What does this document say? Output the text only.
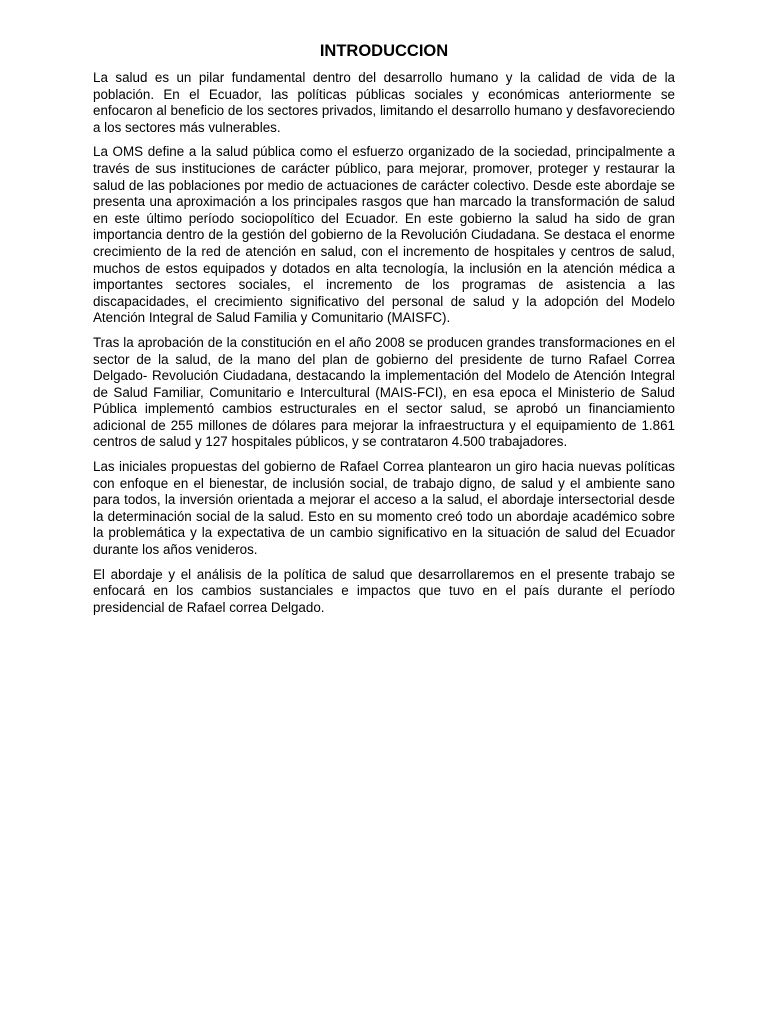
INTRODUCCION

La salud es un pilar fundamental dentro del desarrollo humano y la calidad de vida de la población. En el Ecuador, las políticas públicas sociales y económicas anteriormente se enfocaron al beneficio de los sectores privados, limitando el desarrollo humano y desfavoreciendo a los sectores más vulnerables.

La OMS define a la salud pública como el esfuerzo organizado de la sociedad, principalmente a través de sus instituciones de carácter público, para mejorar, promover, proteger y restaurar la salud de las poblaciones por medio de actuaciones de carácter colectivo. Desde este abordaje se presenta una aproximación a los principales rasgos que han marcado la transformación de salud en este último período sociopolítico del Ecuador. En este gobierno la salud ha sido de gran importancia dentro de la gestión del gobierno de la Revolución Ciudadana. Se destaca el enorme crecimiento de la red de atención en salud, con el incremento de hospitales y centros de salud, muchos de estos equipados y dotados en alta tecnología, la inclusión en la atención médica a importantes sectores sociales, el incremento de los programas de asistencia a las discapacidades, el crecimiento significativo del personal de salud y la adopción del Modelo Atención Integral de Salud Familia y Comunitario (MAISFC).

Tras la aprobación de la constitución en el año 2008 se producen grandes transformaciones en el sector de la salud, de la mano del plan de gobierno del presidente de turno Rafael Correa Delgado- Revolución Ciudadana, destacando la implementación del Modelo de Atención Integral de Salud Familiar, Comunitario e Intercultural (MAIS-FCI), en esa epoca el Ministerio de Salud Pública implementó cambios estructurales en el sector salud, se aprobó un financiamiento adicional de 255 millones de dólares para mejorar la infraestructura y el equipamiento de 1.861 centros de salud y 127 hospitales públicos, y se contrataron 4.500 trabajadores.

Las iniciales propuestas del gobierno de Rafael Correa plantearon un giro hacia nuevas políticas con enfoque en el bienestar, de inclusión social, de trabajo digno, de salud y el ambiente sano para todos, la inversión orientada a mejorar el acceso a la salud, el abordaje intersectorial desde la determinación social de la salud. Esto en su momento creó todo un abordaje académico sobre la problemática y la expectativa de un cambio significativo en la situación de salud del Ecuador durante los años venideros.

El abordaje y el análisis de la política de salud que desarrollaremos en el presente trabajo se enfocará en los cambios sustanciales e impactos que tuvo en el país durante el período presidencial de Rafael correa Delgado.
